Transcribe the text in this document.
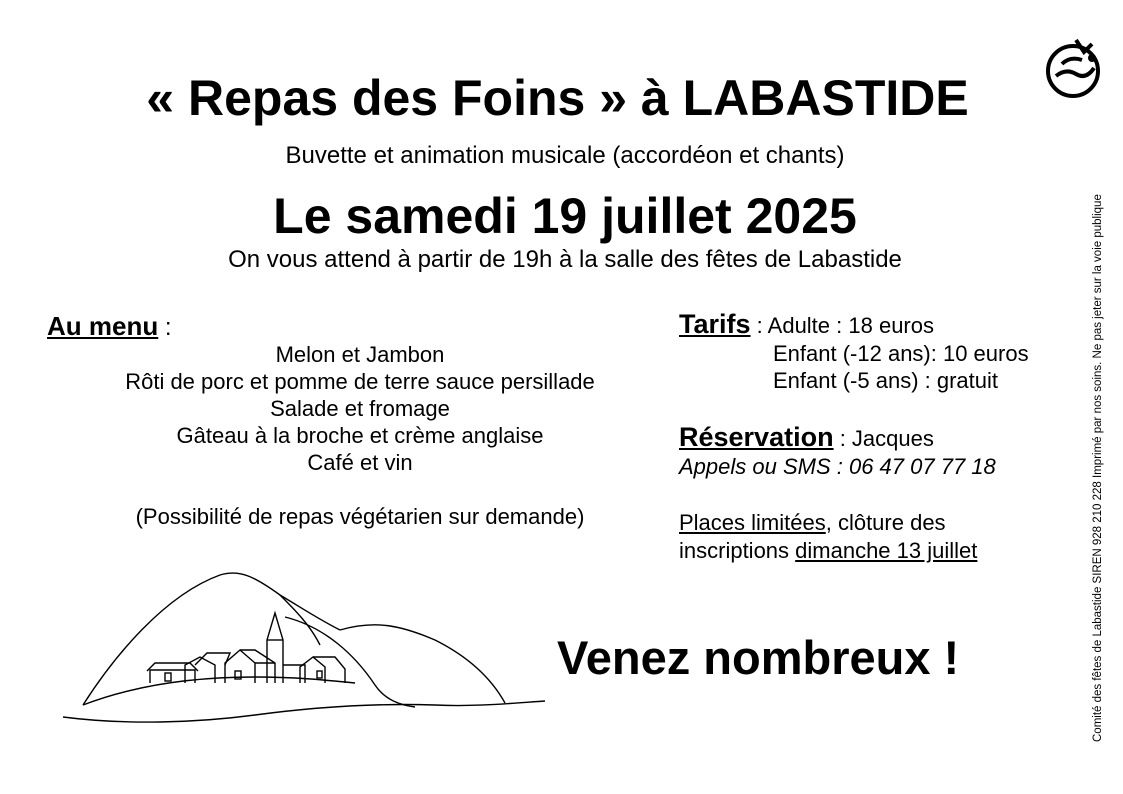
« Repas des Foins » à LABASTIDE
Buvette et animation musicale (accordéon et chants)
Le samedi 19 juillet 2025
On vous attend à partir de 19h à la salle des fêtes de Labastide
Au menu :
Melon et Jambon
Rôti de porc et pomme de terre sauce persillade
Salade et fromage
Gâteau à la broche et crème anglaise
Café et vin
(Possibilité de repas végétarien sur demande)
Tarifs : Adulte : 18 euros
Enfant (-12 ans): 10 euros
Enfant (-5 ans) : gratuit
Réservation : Jacques
Appels ou SMS : 06 47 07 77 18
Places limitées, clôture des
inscriptions dimanche 13 juillet
Venez nombreux !	Comité des fêtes de Labastide SIREN 928 210 228 Imprimé par nos soins. Ne pas jeter sur la voie publique
